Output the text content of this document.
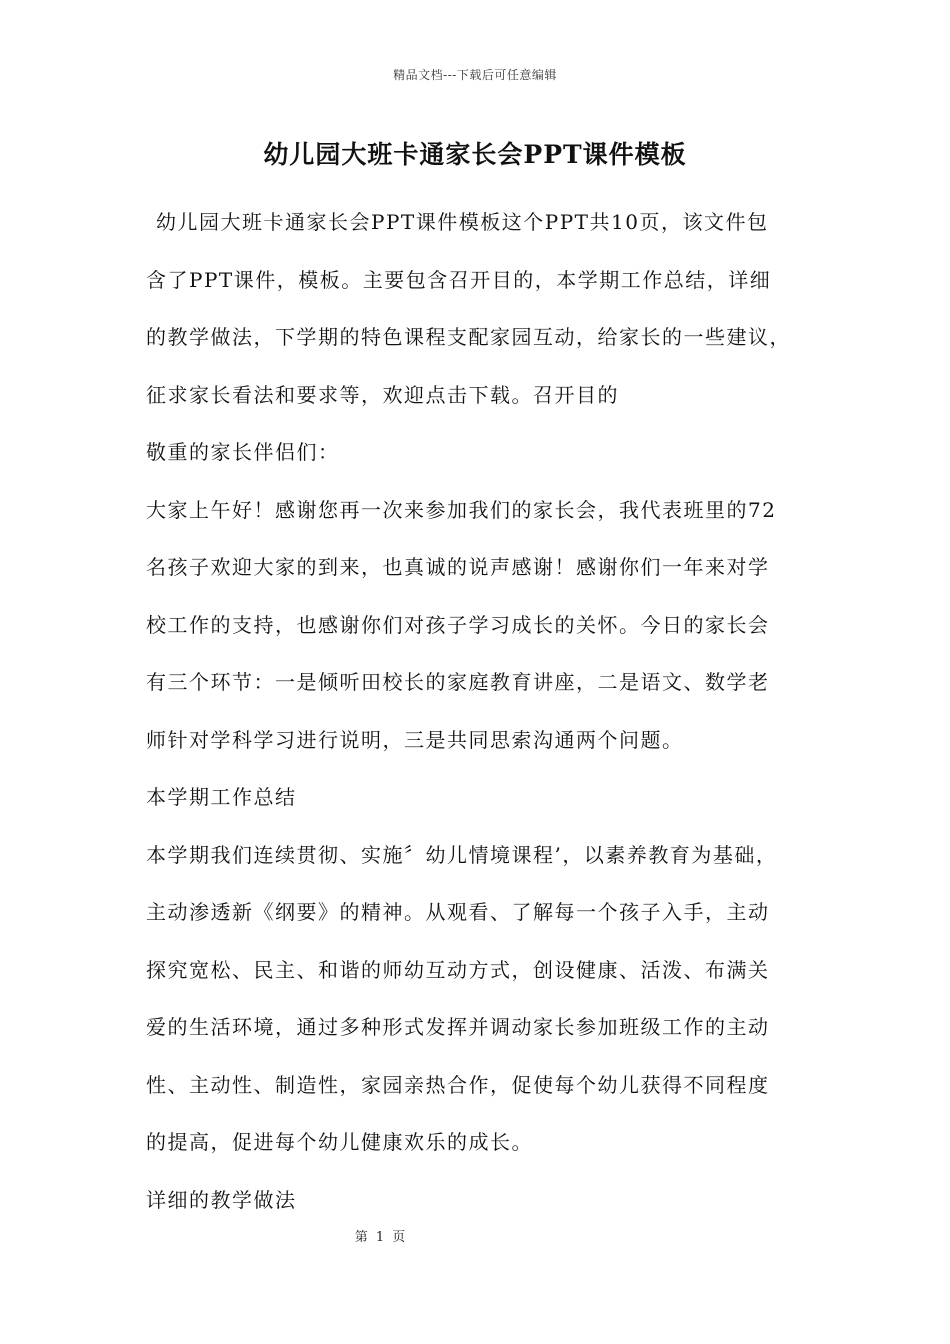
精品文档---下载后可任意编辑
幼儿园大班卡通家长会PPT课件模板
幼儿园大班卡通家长会PPT课件模板这个PPT共10页，该文件包
含了PPT课件，模板。主要包含召开目的，本学期工作总结，详细
的教学做法，下学期的特色课程支配家园互动，给家长的一些建议，
征求家长看法和要求等，欢迎点击下载。召开目的
敬重的家长伴侣们：
大家上午好！感谢您再一次来参加我们的家长会，我代表班里的72
名孩子欢迎大家的到来，也真诚的说声感谢！感谢你们一年来对学
校工作的支持，也感谢你们对孩子学习成长的关怀。今日的家长会
有三个环节：一是倾听田校长的家庭教育讲座，二是语文、数学老
师针对学科学习进行说明，三是共同思索沟通两个问题。
本学期工作总结
本学期我们连续贯彻、实施〞幼儿情境课程’，以素养教育为基础，
主动渗透新《纲要》的精神。从观看、了解每一个孩子入手，主动
探究宽松、民主、和谐的师幼互动方式，创设健康、活泼、布满关
爱的生活环境，通过多种形式发挥并调动家长参加班级工作的主动
性、主动性、制造性，家园亲热合作，促使每个幼儿获得不同程度
的提高，促进每个幼儿健康欢乐的成长。
详细的教学做法
第 1 页
